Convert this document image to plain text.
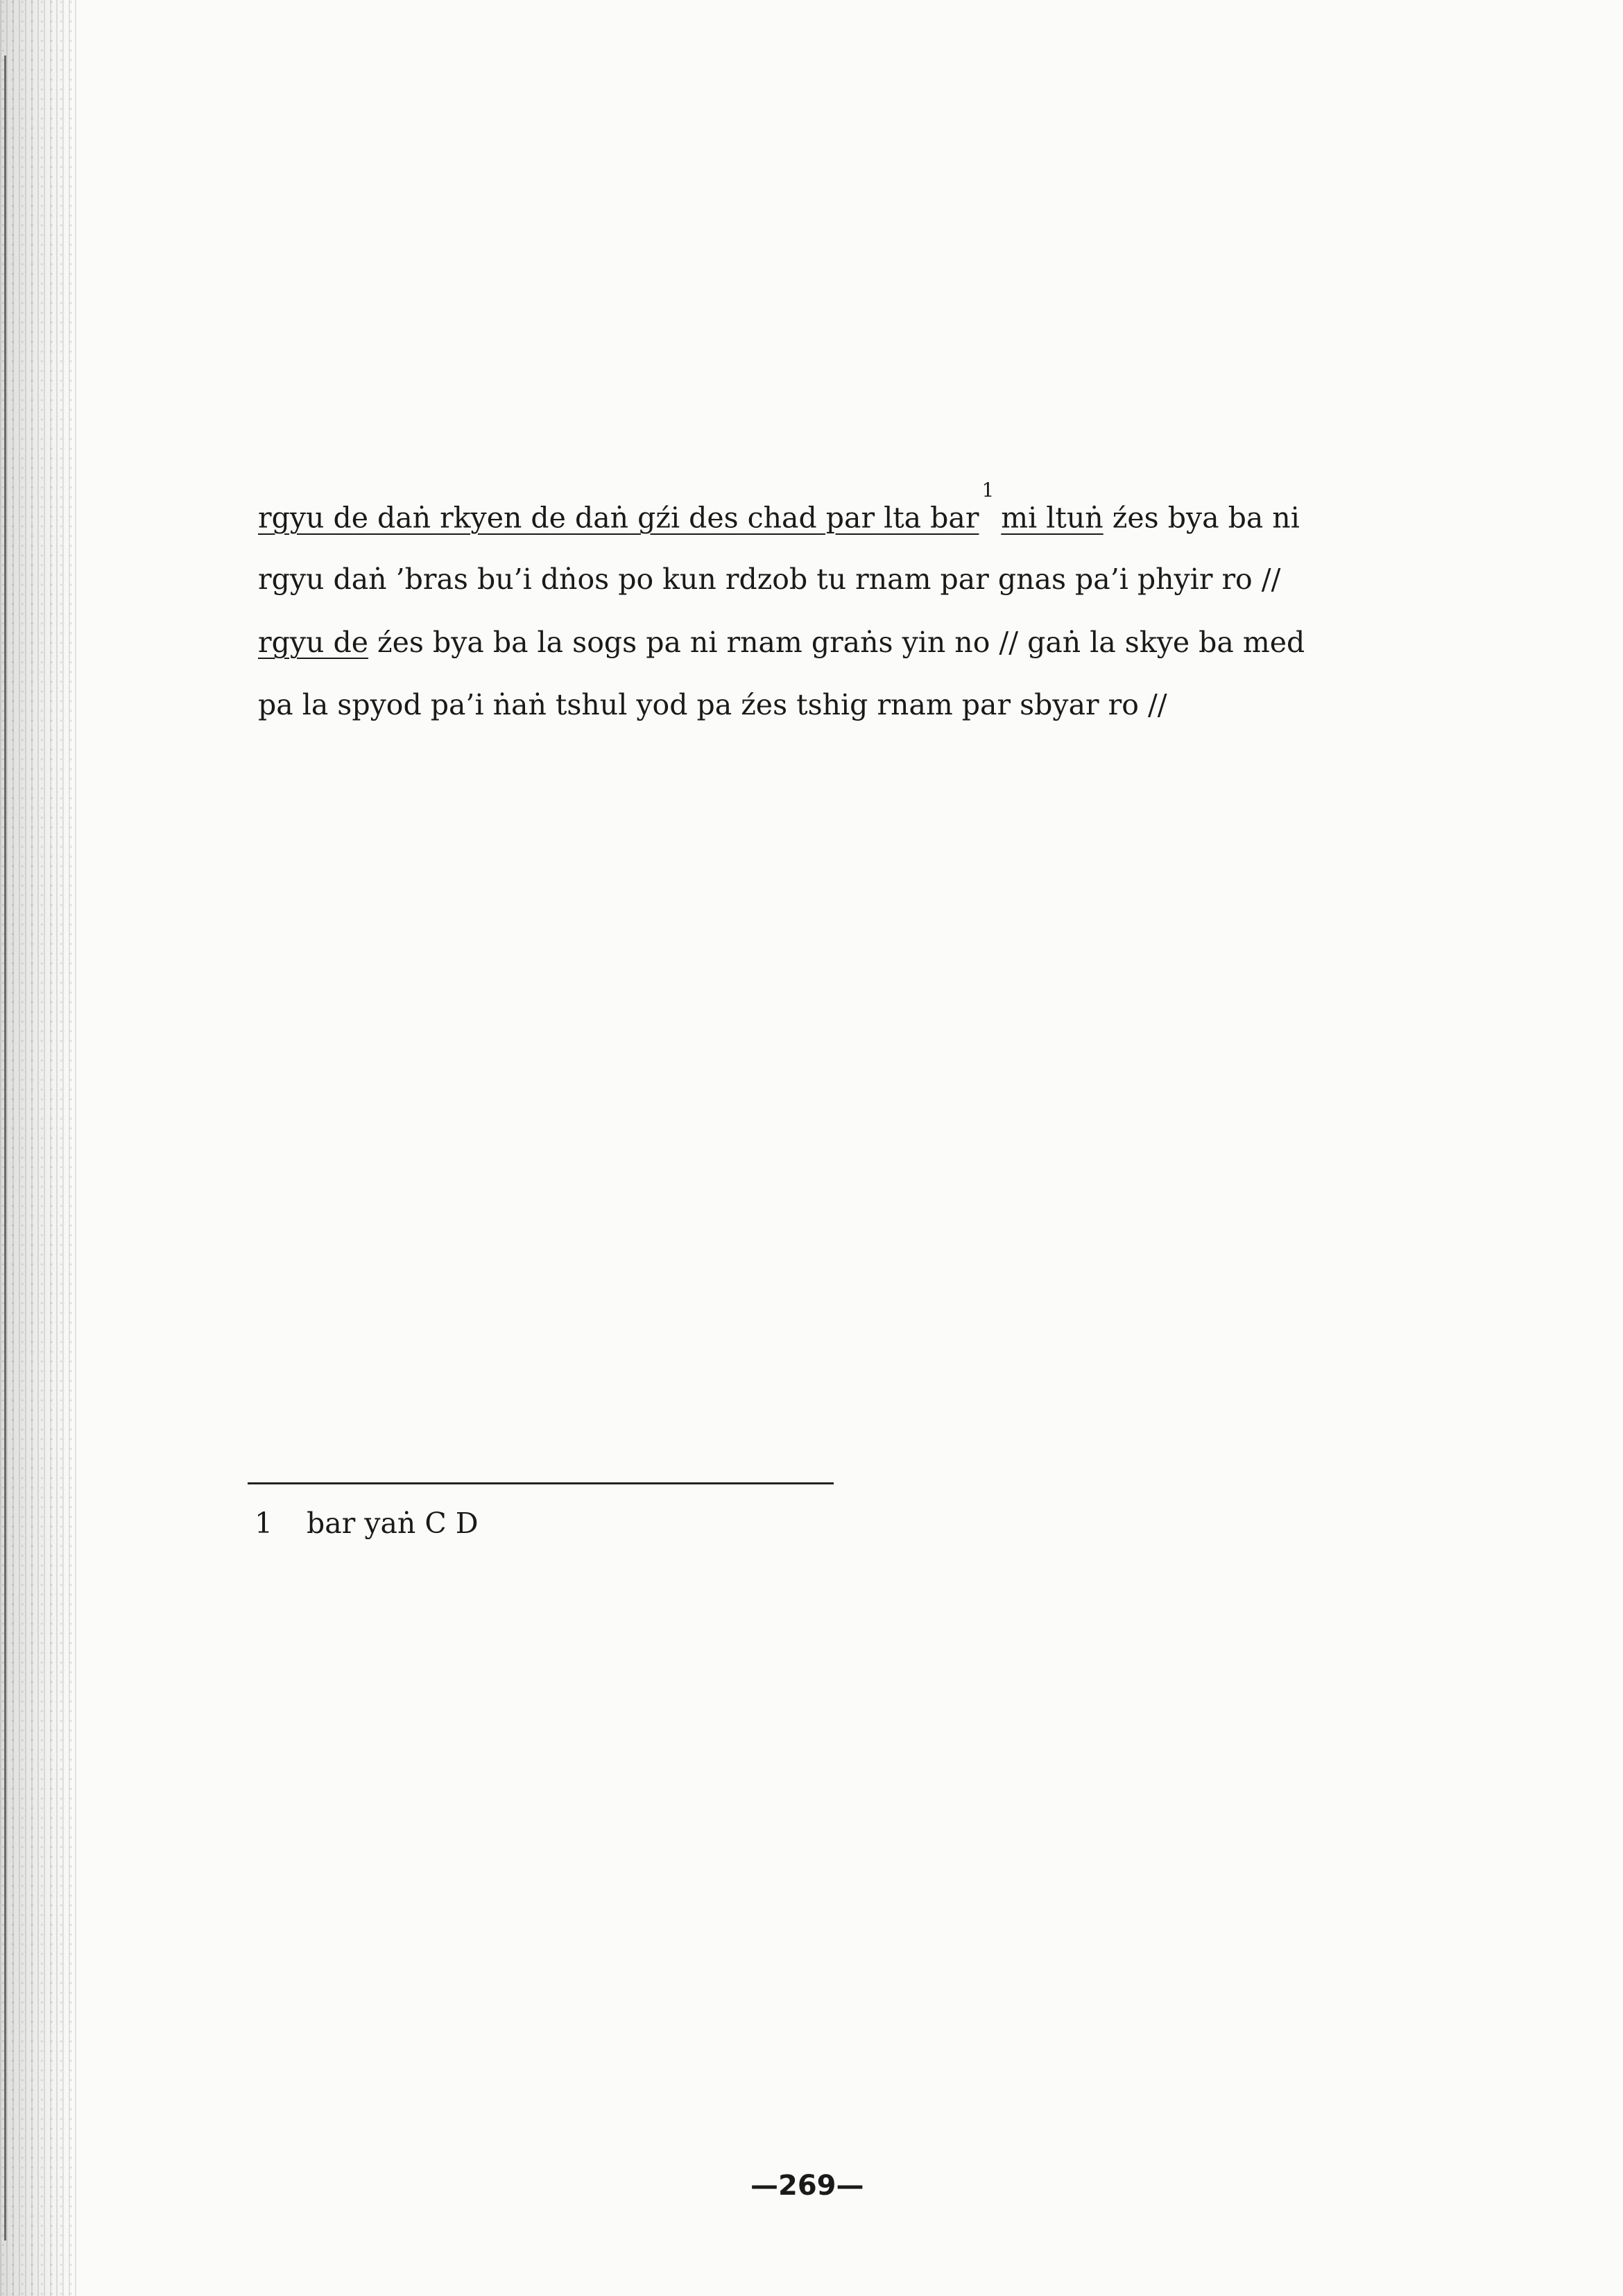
rgyu de daṅ rkyen de daṅ gźi des chad par lta bar$^1$mi ltuṅ źes bya ba ni
rgyu daṅ ’bras bu’i dṅos po kun rdzob tu rnam par gnas pa’i phyir ro //
rgyu de źes bya ba la sogs pa ni rnam graṅs yin no // gaṅ la skye ba med
pa la spyod pa’i ṅaṅ tshul yod pa źes tshig rnam par sbyar ro //
1 bar yaṅ C D
—269—
